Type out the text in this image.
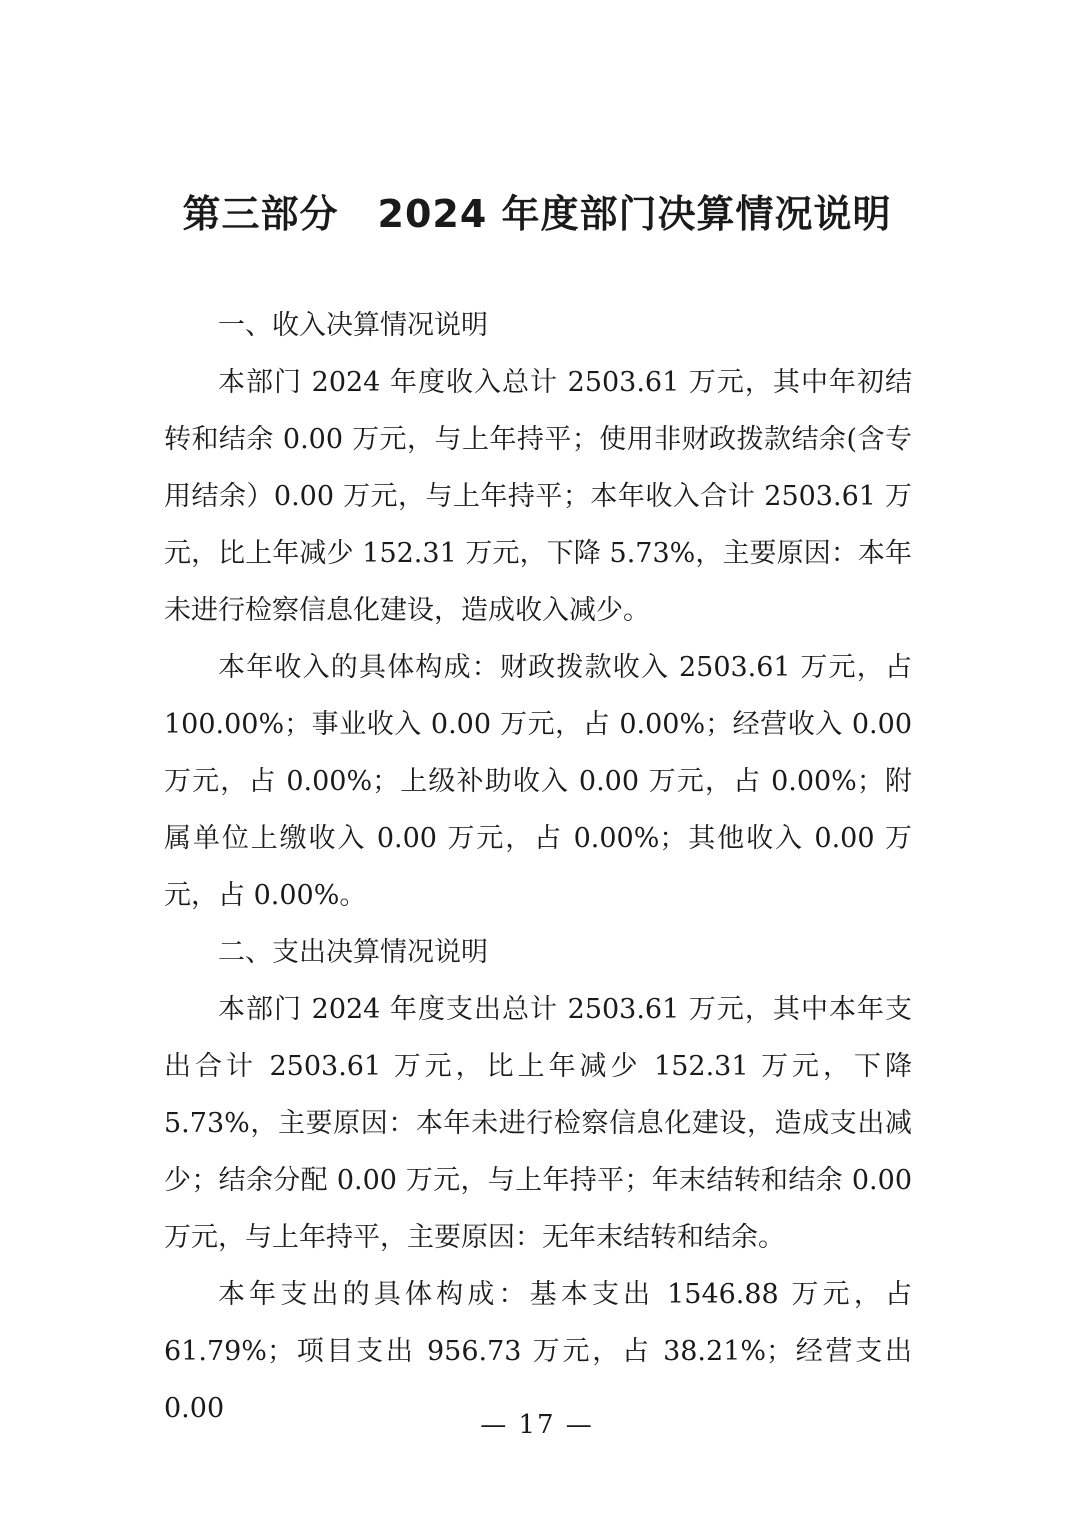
第三部分　2024 年度部门决算情况说明

一、收入决算情况说明

本部门 2024 年度收入总计 2503.61 万元，其中年初结转和结余 0.00 万元，与上年持平；使用非财政拨款结余(含专用结余）0.00 万元，与上年持平；本年收入合计 2503.61 万元，比上年减少 152.31 万元，下降 5.73%，主要原因：本年未进行检察信息化建设，造成收入减少。

本年收入的具体构成：财政拨款收入 2503.61 万元，占 100.00%；事业收入 0.00 万元，占 0.00%；经营收入 0.00 万元，占 0.00%；上级补助收入 0.00 万元，占 0.00%；附属单位上缴收入 0.00 万元，占 0.00%；其他收入 0.00 万元，占 0.00%。

二、支出决算情况说明

本部门 2024 年度支出总计 2503.61 万元，其中本年支出合计 2503.61 万元，比上年减少 152.31 万元，下降 5.73%，主要原因：本年未进行检察信息化建设，造成支出减少；结余分配 0.00 万元，与上年持平；年末结转和结余 0.00 万元，与上年持平，主要原因：无年末结转和结余。

本年支出的具体构成：基本支出 1546.88 万元，占 61.79%；项目支出 956.73 万元，占 38.21%；经营支出 0.00

— 17 —
